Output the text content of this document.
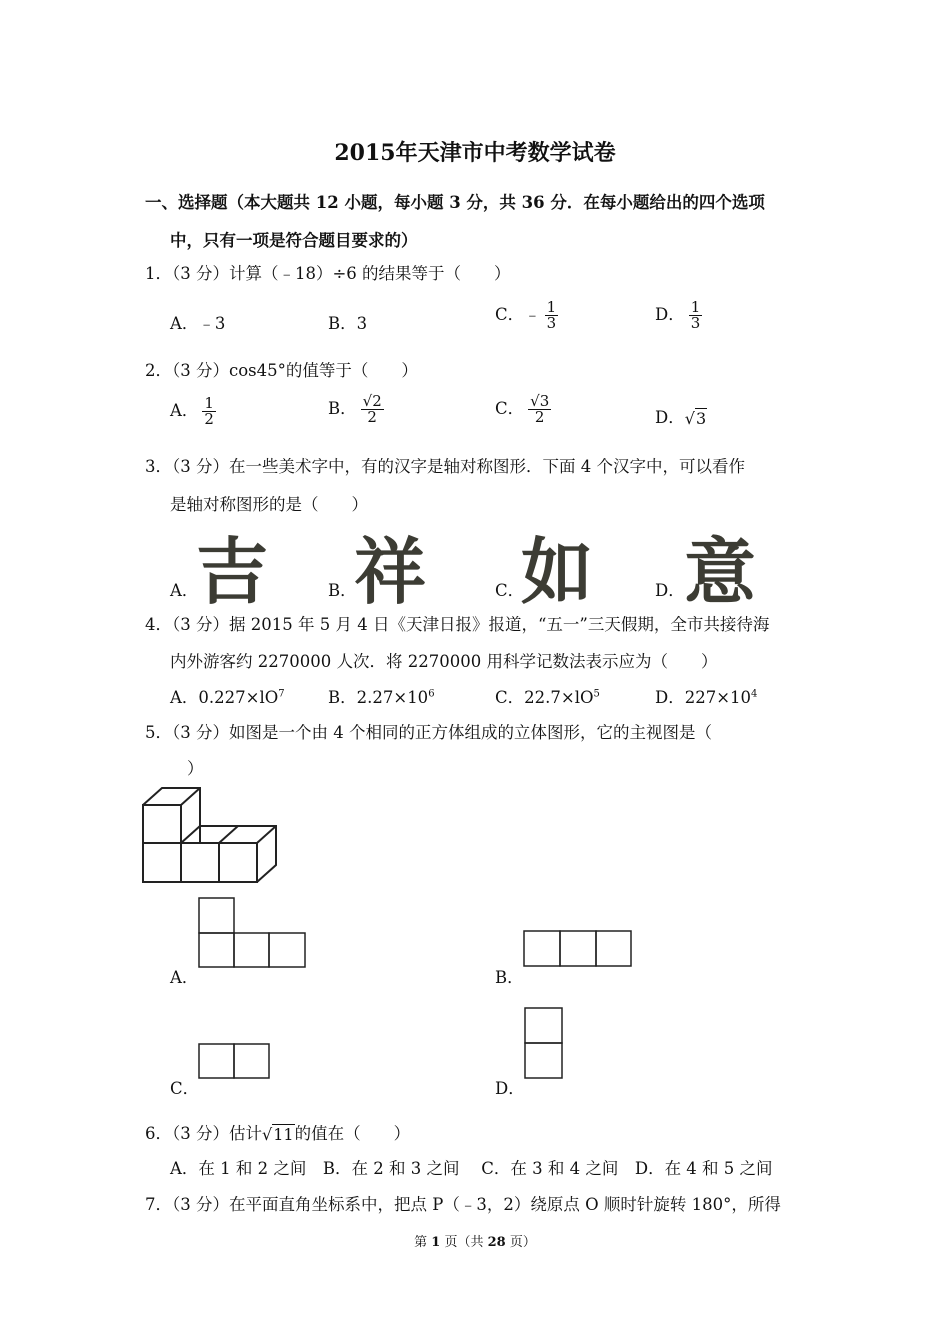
2015年天津市中考数学试卷
一、选择题（本大题共 12 小题，每小题 3 分，共 36 分．在每小题给出的四个选项
中，只有一项是符合题目要求的）
1．（3 分）计算（﹣18）÷6 的结果等于（　　）
A．﹣3	B．3	C．﹣ $\frac{1}{3}$	D． $\frac{1}{3}$
2．（3 分）cos45°的值等于（　　）
A． $\frac{1}{2}$	B． $\frac{√2}{2}$	C． $\frac{√3}{2}$	D．√3
3．（3 分）在一些美术字中，有的汉字是轴对称图形．下面 4 个汉字中，可以看作
是轴对称图形的是（　　）
A．
吉	B．
祥	C．
如	D． 意
4．（3 分）据 2015 年 5 月 4 日《天津日报》报道，“五一”三天假期，全市共接待海
内外游客约 2270000 人次．将 2270000 用科学记数法表示应为（　　）
A．$0.227\times lO^7$	B．$2.27\times 10^6$	C．$22.7\times lO^5$	D．$227\times 10^4$
5．（3 分）如图是一个由 4 个相同的正方体组成的立体图形，它的主视图是（
）
A．	B．
C．	D．
6．（3 分）估计√11的值在（　　）
A．在 1 和 2 之间　B．在 2 和 3 之间　 C．在 3 和 4 之间　D．在 4 和 5 之间
7．（3 分）在平面直角坐标系中，把点 P（﹣3，2）绕原点 O 顺时针旋转 180°，所得
第 1 页（共 28 页）
